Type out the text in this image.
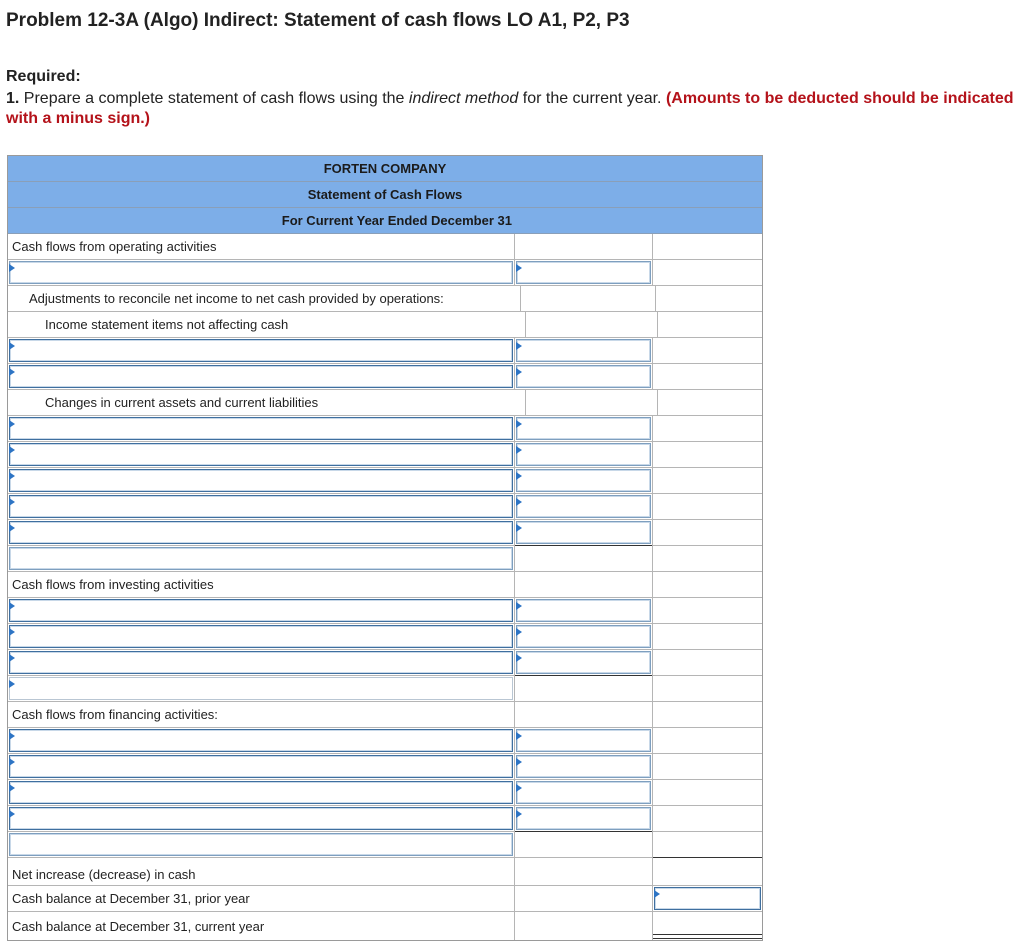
Problem 12-3A (Algo) Indirect: Statement of cash flows LO A1, P2, P3
Required:
1. Prepare a complete statement of cash flows using the indirect method for the current year. (Amounts to be deducted should be indicated with a minus sign.)
FORTEN COMPANY
Statement of Cash Flows
For Current Year Ended December 31
Cash flows from operating activities
Adjustments to reconcile net income to net cash provided by operations:
Income statement items not affecting cash
Changes in current assets and current liabilities
Cash flows from investing activities
Cash flows from financing activities:
Net increase (decrease) in cash
Cash balance at December 31, prior year
Cash balance at December 31, current year
